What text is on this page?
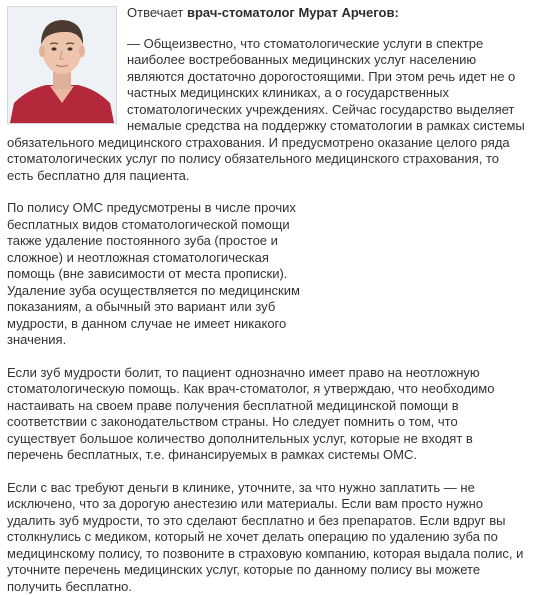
Отвечает врач-стоматолог Мурат Арчегов:

— Общеизвестно, что стоматологические услуги в спектре наиболее востребованных медицинских услуг населению являются достаточно дорогостоящими. При этом речь идет не о частных медицинских клиниках, а о государственных стоматологических учреждениях. Сейчас государство выделяет немалые средства на поддержку стоматологии в рамках системы обязательного медицинского страхования. И предусмотрено оказание целого ряда стоматологических услуг по полису обязательного медицинского страхования, то есть бесплатно для пациента.

По полису ОМС предусмотрены в числе прочих бесплатных видов стоматологической помощи также удаление постоянного зуба (простое и сложное) и неотложная стоматологическая помощь (вне зависимости от места прописки). Удаление зуба осуществляется по медицинским показаниям, а обычный это вариант или зуб мудрости, в данном случае не имеет никакого значения.

Если зуб мудрости болит, то пациент однозначно имеет право на неотложную стоматологическую помощь. Как врач-стоматолог, я утверждаю, что необходимо настаивать на своем праве получения бесплатной медицинской помощи в соответствии с законодательством страны. Но следует помнить о том, что существует большое количество дополнительных услуг, которые не входят в перечень бесплатных, т.е. финансируемых в рамках системы ОМС.

Если с вас требуют деньги в клинике, уточните, за что нужно заплатить — не исключено, что за дорогую анестезию или материалы. Если вам просто нужно удалить зуб мудрости, то это сделают бесплатно и без препаратов. Если вдруг вы столкнулись с медиком, который не хочет делать операцию по удалению зуба по медицинскому полису, то позвоните в страховую компанию, которая выдала полис, и уточните перечень медицинских услуг, которые по данному полису вы можете получить бесплатно.
